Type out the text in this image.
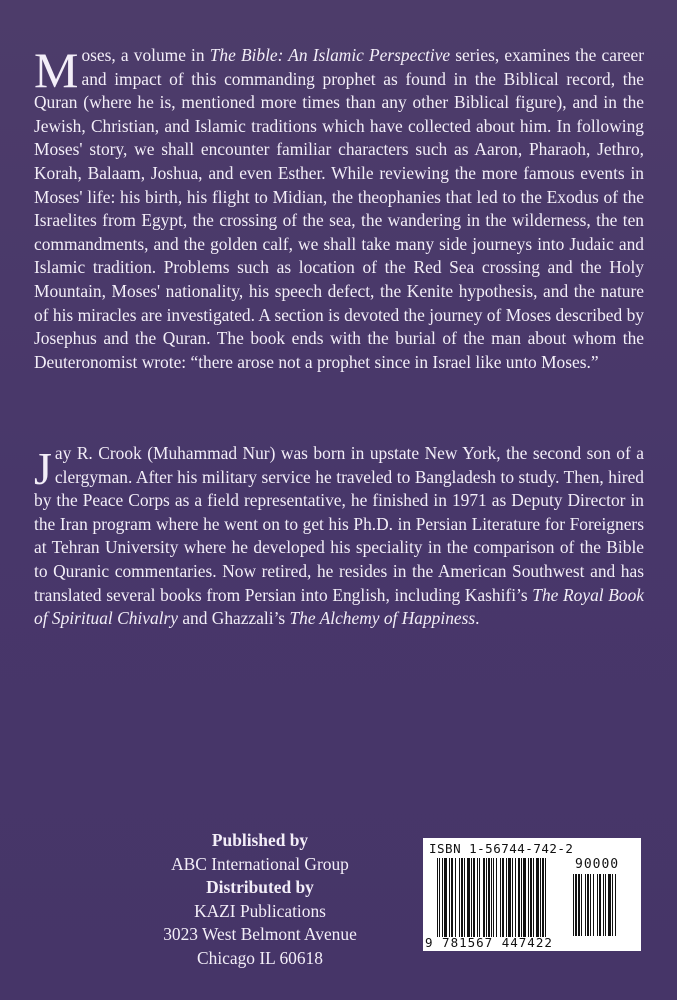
Moses, a volume in The Bible: An Islamic Perspective series, examines the career and impact of this commanding prophet as found in the Biblical record, the Quran (where he is, mentioned more times than any other Biblical figure), and in the Jewish, Christian, and Islamic traditions which have collected about him. In following Moses' story, we shall encounter familiar characters such as Aaron, Pharaoh, Jethro, Korah, Balaam, Joshua, and even Esther. While reviewing the more famous events in Moses' life: his birth, his flight to Midian, the theophanies that led to the Exodus of the Israelites from Egypt, the crossing of the sea, the wandering in the wilderness, the ten commandments, and the golden calf, we shall take many side journeys into Judaic and Islamic tradition. Problems such as location of the Red Sea crossing and the Holy Mountain, Moses' nationality, his speech defect, the Kenite hypothesis, and the nature of his miracles are investigated. A section is devoted the journey of Moses described by Josephus and the Quran. The book ends with the burial of the man about whom the Deuteronomist wrote: “there arose not a prophet since in Israel like unto Moses.”

Jay R. Crook (Muhammad Nur) was born in upstate New York, the second son of a clergyman. After his military service he traveled to Bangladesh to study. Then, hired by the Peace Corps as a field representative, he finished in 1971 as Deputy Director in the Iran program where he went on to get his Ph.D. in Persian Literature for Foreigners at Tehran University where he developed his speciality in the comparison of the Bible to Quranic commentaries. Now retired, he resides in the American Southwest and has translated several books from Persian into English, including Kashifi’s The Royal Book of Spiritual Chivalry and Ghazzali’s The Alchemy of Happiness.

Published by
ABC International Group
Distributed by
KAZI Publications
3023 West Belmont Avenue
Chicago IL 60618
ISBN 1-56744-742-2
90000
9 781567 447422
